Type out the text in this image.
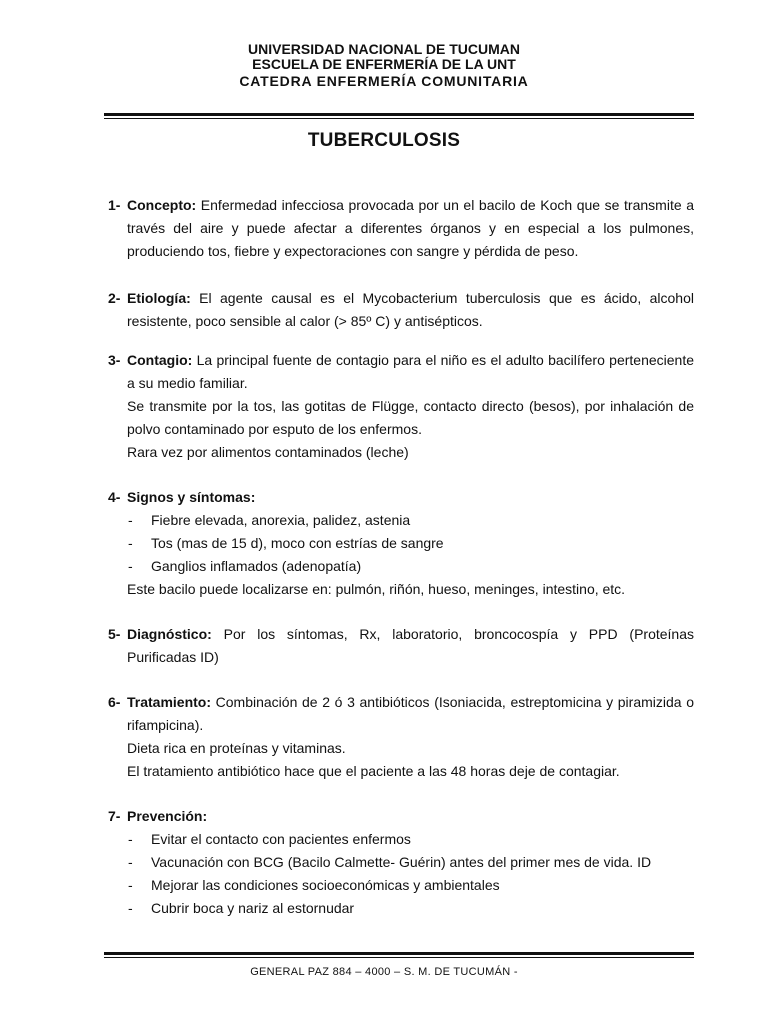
UNIVERSIDAD NACIONAL DE TUCUMAN
ESCUELA DE ENFERMERÍA DE LA UNT
CATEDRA ENFERMERÍA COMUNITARIA
TUBERCULOSIS
1- Concepto: Enfermedad infecciosa provocada por un el bacilo de Koch que se transmite a través del aire y puede afectar a diferentes órganos y en especial a los pulmones, produciendo tos, fiebre y expectoraciones con sangre y pérdida de peso.

2- Etiología: El agente causal es el Mycobacterium tuberculosis que es ácido, alcohol resistente, poco sensible al calor (> 85º C) y antisépticos.

3- Contagio: La principal fuente de contagio para el niño es el adulto bacilífero perteneciente a su medio familiar.

Se transmite por la tos, las gotitas de Flügge, contacto directo (besos), por inhalación de polvo contaminado por esputo de los enfermos.

Rara vez por alimentos contaminados (leche)

4- Signos y síntomas:

- Fiebre elevada, anorexia, palidez, astenia
- Tos (mas de 15 d), moco con estrías de sangre
- Ganglios inflamados (adenopatía)

Este bacilo puede localizarse en: pulmón, riñón, hueso, meninges, intestino, etc.

5- Diagnóstico: Por los síntomas, Rx, laboratorio, broncocospía y PPD (Proteínas Purificadas ID)

6- Tratamiento: Combinación de 2 ó 3 antibióticos (Isoniacida, estreptomicina y piramizida o rifampicina).

Dieta rica en proteínas y vitaminas.

El tratamiento antibiótico hace que el paciente a las 48 horas deje de contagiar.

7- Prevención:

- Evitar el contacto con pacientes enfermos
- Vacunación con BCG (Bacilo Calmette- Guérin) antes del primer mes de vida. ID
- Mejorar las condiciones socioeconómicas y ambientales
- Cubrir boca y nariz al estornudar
GENERAL PAZ 884 – 4000 – S. M. DE TUCUMÁN -
